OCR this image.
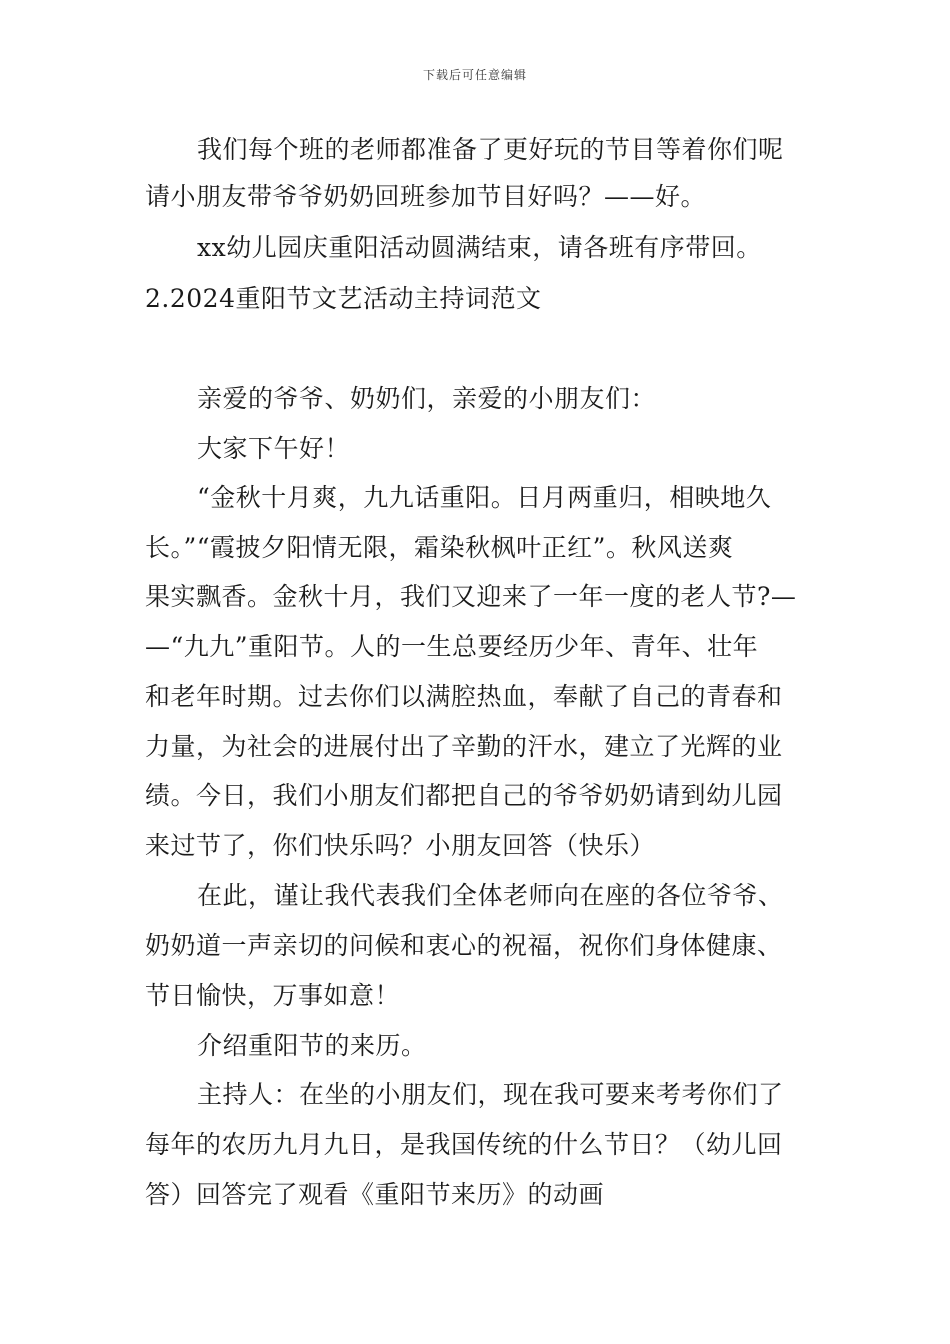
下载后可任意编辑
我们每个班的老师都准备了更好玩的节目等着你们呢
请小朋友带爷爷奶奶回班参加节目好吗？——好。
xx幼儿园庆重阳活动圆满结束，请各班有序带回。
2.2024重阳节文艺活动主持词范文
亲爱的爷爷、奶奶们，亲爱的小朋友们：
大家下午好！
“金秋十月爽，九九话重阳。日月两重归，相映地久
长。”“霞披夕阳情无限，霜染秋枫叶正红”。秋风送爽
果实飘香。金秋十月，我们又迎来了一年一度的老人节?—
—“九九”重阳节。人的一生总要经历少年、青年、壮年
和老年时期。过去你们以满腔热血，奉献了自己的青春和
力量，为社会的进展付出了辛勤的汗水，建立了光辉的业
绩。今日，我们小朋友们都把自己的爷爷奶奶请到幼儿园
来过节了，你们快乐吗？小朋友回答（快乐）
在此，谨让我代表我们全体老师向在座的各位爷爷、
奶奶道一声亲切的问候和衷心的祝福，祝你们身体健康、
节日愉快，万事如意！
介绍重阳节的来历。
主持人：在坐的小朋友们，现在我可要来考考你们了
每年的农历九月九日，是我国传统的什么节日？（幼儿回
答）回答完了观看《重阳节来历》的动画
